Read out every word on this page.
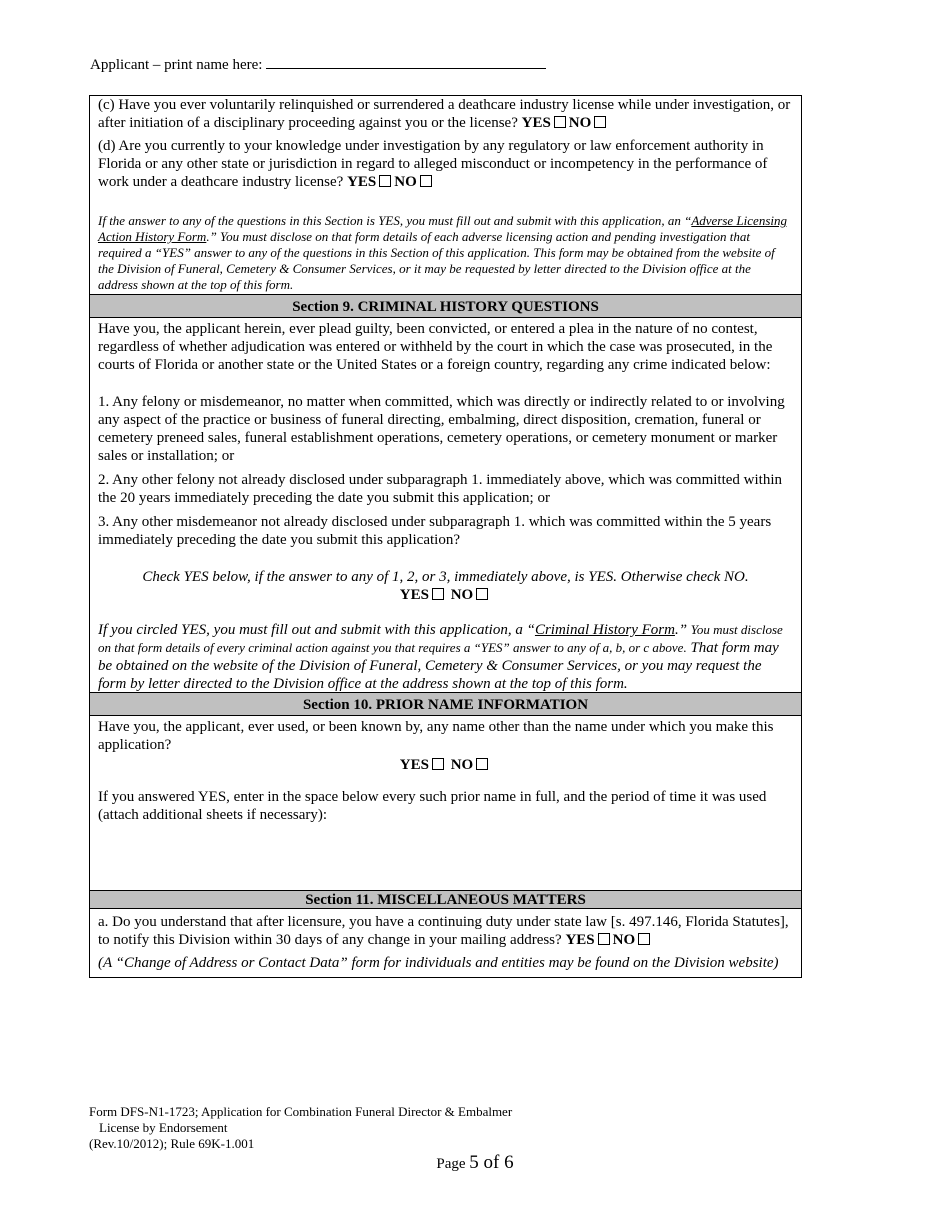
Applicant – print name here:
(c) Have you ever voluntarily relinquished or surrendered a deathcare industry license while under investigation, or after initiation of a disciplinary proceeding against you or the license? YES NO
(d) Are you currently to your knowledge under investigation by any regulatory or law enforcement authority in Florida or any other state or jurisdiction in regard to alleged misconduct or incompetency in the performance of work under a deathcare industry license? YES NO
If the answer to any of the questions in this Section is YES, you must fill out and submit with this application, an “Adverse Licensing Action History Form.” You must disclose on that form details of each adverse licensing action and pending investigation that required a “YES” answer to any of the questions in this Section of this application. This form may be obtained from the website of the Division of Funeral, Cemetery & Consumer Services, or it may be requested by letter directed to the Division office at the address shown at the top of this form.
Section 9. CRIMINAL HISTORY QUESTIONS
Have you, the applicant herein, ever plead guilty, been convicted, or entered a plea in the nature of no contest, regardless of whether adjudication was entered or withheld by the court in which the case was prosecuted, in the courts of Florida or another state or the United States or a foreign country, regarding any crime indicated below:
1. Any felony or misdemeanor, no matter when committed, which was directly or indirectly related to or involving any aspect of the practice or business of funeral directing, embalming, direct disposition, cremation, funeral or cemetery preneed sales, funeral establishment operations, cemetery operations, or cemetery monument or marker sales or installation; or
2. Any other felony not already disclosed under subparagraph 1. immediately above, which was committed within the 20 years immediately preceding the date you submit this application; or
3. Any other misdemeanor not already disclosed under subparagraph 1. which was committed within the 5 years immediately preceding the date you submit this application?
Check YES below, if the answer to any of 1, 2, or 3, immediately above, is YES. Otherwise check NO.
YES NO
If you circled YES, you must fill out and submit with this application, a “Criminal History Form.” You must disclose on that form details of every criminal action against you that requires a “YES” answer to any of a, b, or c above. That form may be obtained on the website of the Division of Funeral, Cemetery & Consumer Services, or you may request the form by letter directed to the Division office at the address shown at the top of this form.
Section 10. PRIOR NAME INFORMATION
Have you, the applicant, ever used, or been known by, any name other than the name under which you make this application?
YES NO
If you answered YES, enter in the space below every such prior name in full, and the period of time it was used (attach additional sheets if necessary):
Section 11. MISCELLANEOUS MATTERS
a. Do you understand that after licensure, you have a continuing duty under state law [s. 497.146, Florida Statutes], to notify this Division within 30 days of any change in your mailing address? YES NO
(A “Change of Address or Contact Data” form for individuals and entities may be found on the Division website)
Form DFS-N1-1723; Application for Combination Funeral Director & Embalmer
License by Endorsement
(Rev.10/2012); Rule 69K-1.001
Page 5 of 6
